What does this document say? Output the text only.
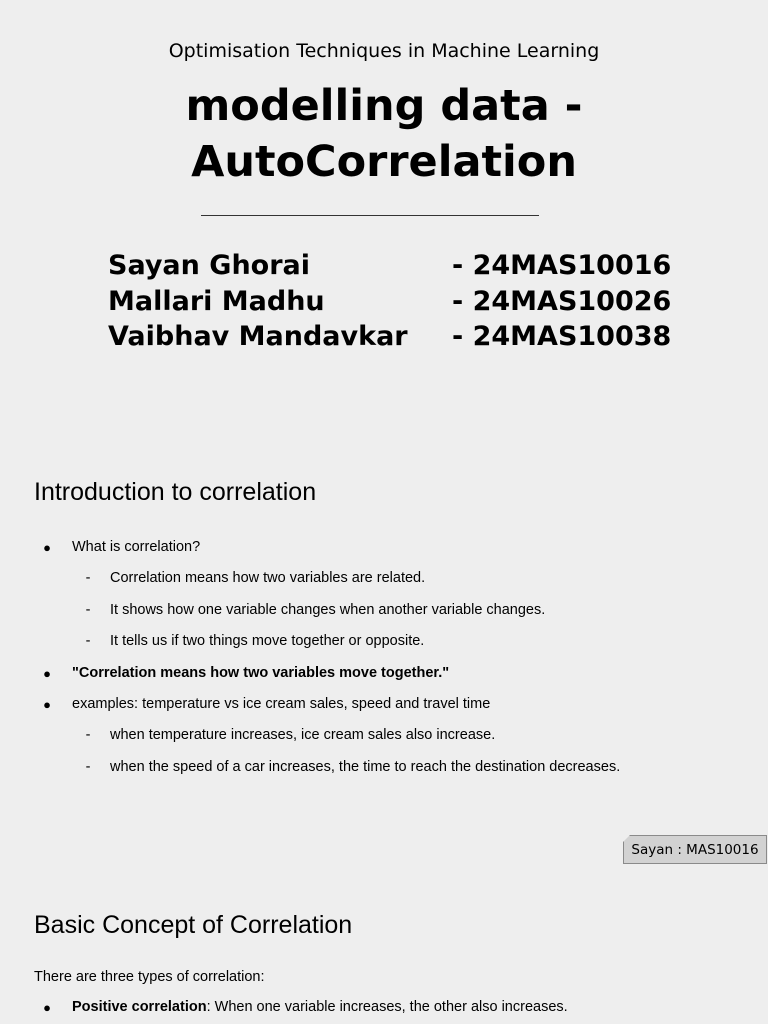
Optimisation Techniques in Machine Learning
modelling data -
AutoCorrelation
Sayan Ghorai	- 24MAS10016
Mallari Madhu	- 24MAS10026
Vaibhav Mandavkar - 24MAS10038
Introduction to correlation
● What is correlation?
-	Correlation means how two variables are related.
-	It shows how one variable changes when another variable changes.
-	It tells us if two things move together or opposite.
● "Correlation means how two variables move together."
● examples: temperature vs ice cream sales, speed and travel time
-	when temperature increases, ice cream sales also increase.
-	when the speed of a car increases, the time to reach the destination decreases.
Sayan : MAS10016
Basic Concept of Correlation
There are three types of correlation:
● Positive correlation: When one variable increases, the other also increases.
